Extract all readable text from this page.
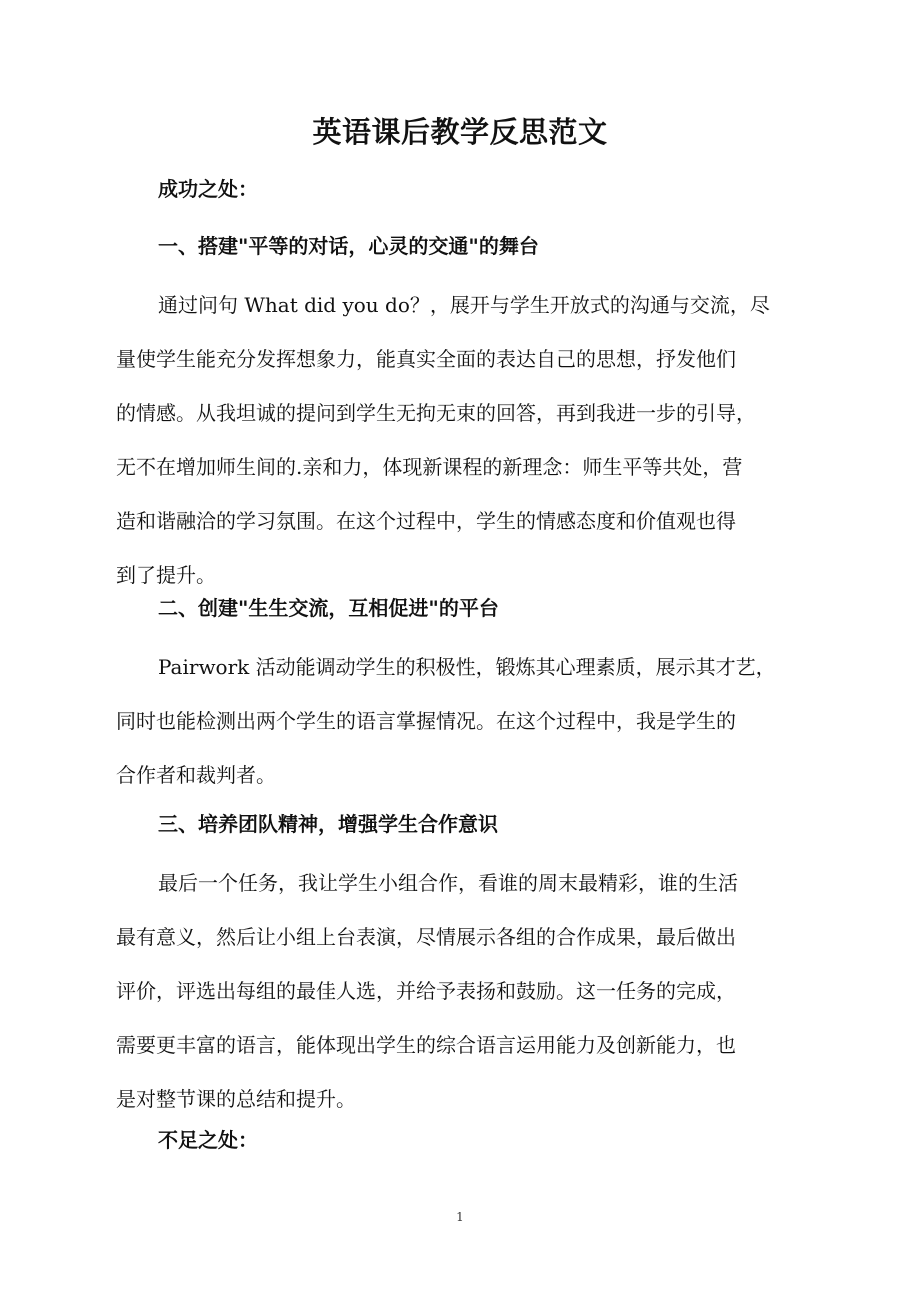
英语课后教学反思范文
成功之处：
一、搭建"平等的对话，心灵的交通"的舞台
通过问句 What did you do？，展开与学生开放式的沟通与交流，尽
量使学生能充分发挥想象力，能真实全面的表达自己的思想，抒发他们
的情感。从我坦诚的提问到学生无拘无束的回答，再到我进一步的引导，
无不在增加师生间的.亲和力，体现新课程的新理念：师生平等共处，营
造和谐融洽的学习氛围。在这个过程中，学生的情感态度和价值观也得
到了提升。
二、创建"生生交流，互相促进"的平台
Pairwork 活动能调动学生的积极性，锻炼其心理素质，展示其才艺，
同时也能检测出两个学生的语言掌握情况。在这个过程中，我是学生的
合作者和裁判者。
三、培养团队精神，增强学生合作意识
最后一个任务，我让学生小组合作，看谁的周末最精彩，谁的生活
最有意义，然后让小组上台表演，尽情展示各组的合作成果，最后做出
评价，评选出每组的最佳人选，并给予表扬和鼓励。这一任务的完成，
需要更丰富的语言，能体现出学生的综合语言运用能力及创新能力，也
是对整节课的总结和提升。
不足之处：
1
